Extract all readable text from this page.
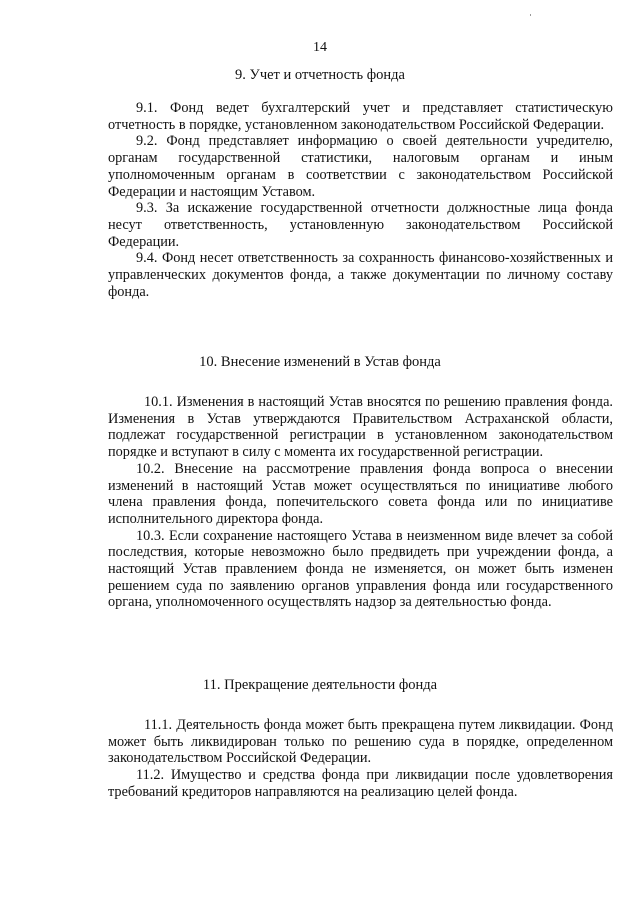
14
9. Учет и отчетность фонда

9.1. Фонд ведет бухгалтерский учет и представляет статистическую отчетность в порядке, установленном законодательством Российской Федерации.

9.2. Фонд представляет информацию о своей деятельности учредителю, органам государственной статистики, налоговым органам и иным уполномоченным органам в соответствии с законодательством Российской Федерации и настоящим Уставом.

9.3. За искажение государственной отчетности должностные лица фонда несут ответственность, установленную законодательством Российской Федерации.

9.4. Фонд несет ответственность за сохранность финансово-хозяйственных и управленческих документов фонда, а также документации по личному составу фонда.

10. Внесение изменений в Устав фонда

10.1. Изменения в настоящий Устав вносятся по решению правления фонда. Изменения в Устав утверждаются Правительством Астраханской области, подлежат государственной регистрации в установленном законодательством порядке и вступают в силу с момента их государственной регистрации.

10.2. Внесение на рассмотрение правления фонда вопроса о внесении изменений в настоящий Устав может осуществляться по инициативе любого члена правления фонда, попечительского совета фонда или по инициативе исполнительного директора фонда.

10.3. Если сохранение настоящего Устава в неизменном виде влечет за собой последствия, которые невозможно было предвидеть при учреждении фонда, а настоящий Устав правлением фонда не изменяется, он может быть изменен решением суда по заявлению органов управления фонда или государственного органа, уполномоченного осуществлять надзор за деятельностью фонда.

11. Прекращение деятельности фонда

11.1. Деятельность фонда может быть прекращена путем ликвидации. Фонд может быть ликвидирован только по решению суда в порядке, определенном законодательством Российской Федерации.

11.2. Имущество и средства фонда при ликвидации после удовлетворения требований кредиторов направляются на реализацию целей фонда.
